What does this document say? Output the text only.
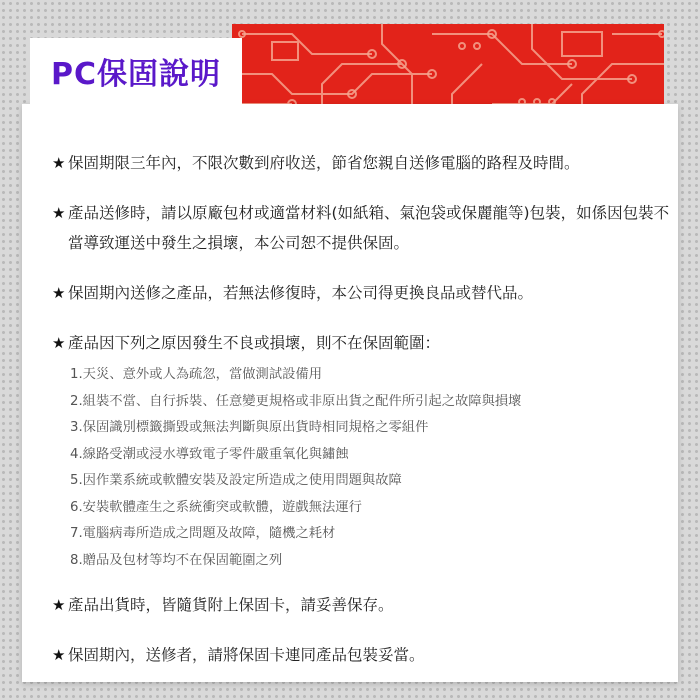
PC保固說明
★ 保固期限三年內，不限次數到府收送，節省您親自送修電腦的路程及時間。
★ 產品送修時，請以原廠包材或適當材料(如紙箱、氣泡袋或保麗龍等)包裝，如係因包裝不當導致運送中發生之損壞，本公司恕不提供保固。
★ 保固期內送修之產品，若無法修復時，本公司得更換良品或替代品。
★ 產品因下列之原因發生不良或損壞，則不在保固範圍：
1.天災、意外或人為疏忽，當做測試設備用
2.組裝不當、自行拆裝、任意變更規格或非原出貨之配件所引起之故障與損壞
3.保固識別標籤撕毀或無法判斷與原出貨時相同規格之零組件
4.線路受潮或浸水導致電子零件嚴重氧化與鏽蝕
5.因作業系統或軟體安裝及設定所造成之使用問題與故障
6.安裝軟體產生之系統衝突或軟體，遊戲無法運行
7.電腦病毒所造成之問題及故障，隨機之耗材
8.贈品及包材等均不在保固範圍之列
★ 產品出貨時，皆隨貨附上保固卡，請妥善保存。
★ 保固期內，送修者，請將保固卡連同產品包裝妥當。
